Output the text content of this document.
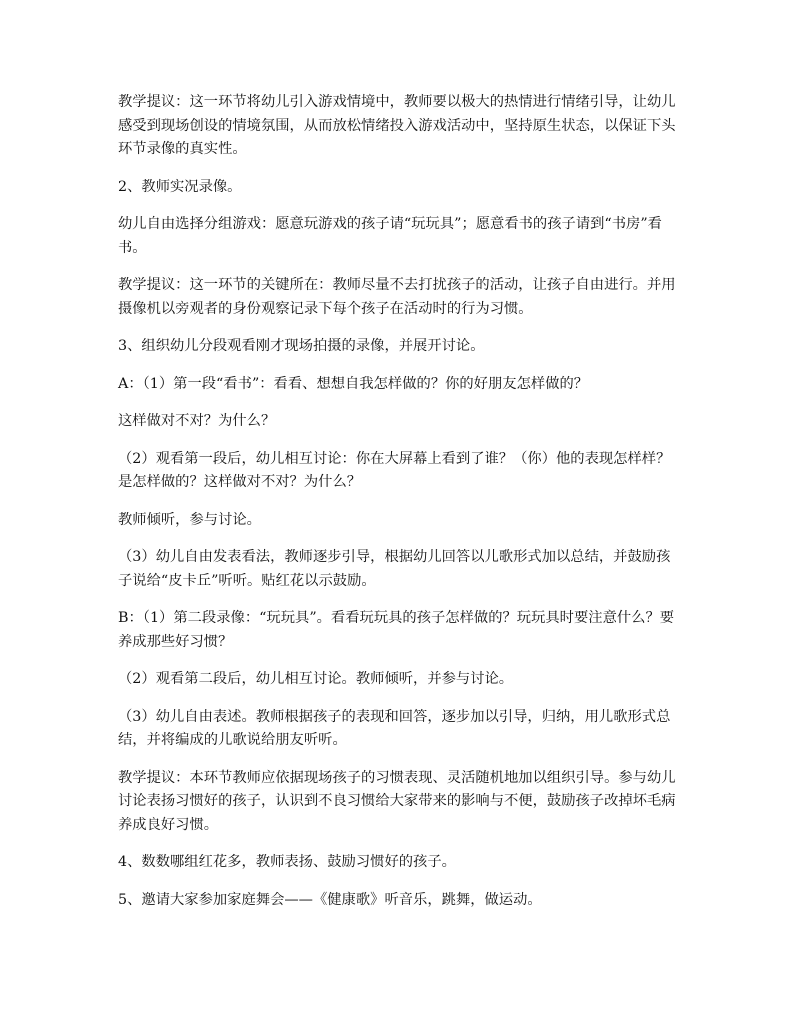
教学提议：这一环节将幼儿引入游戏情境中，教师要以极大的热情进行情绪引导，让幼儿感受到现场创设的情境氛围，从而放松情绪投入游戏活动中，坚持原生状态，以保证下头环节录像的真实性。

2、教师实况录像。

幼儿自由选择分组游戏：愿意玩游戏的孩子请“玩玩具”；愿意看书的孩子请到“书房”看书。

教学提议：这一环节的关键所在：教师尽量不去打扰孩子的活动，让孩子自由进行。并用摄像机以旁观者的身份观察记录下每个孩子在活动时的行为习惯。

3、组织幼儿分段观看刚才现场拍摄的录像，并展开讨论。

A：（1）第一段“看书”：看看、想想自我怎样做的？你的好朋友怎样做的？

这样做对不对？为什么？

（2）观看第一段后，幼儿相互讨论：你在大屏幕上看到了谁？（你）他的表现怎样样？是怎样做的？这样做对不对？为什么？

教师倾听，参与讨论。

（3）幼儿自由发表看法，教师逐步引导，根据幼儿回答以儿歌形式加以总结，并鼓励孩子说给“皮卡丘”听听。贴红花以示鼓励。

B：（1）第二段录像：“玩玩具”。看看玩玩具的孩子怎样做的？玩玩具时要注意什么？要养成那些好习惯？

（2）观看第二段后，幼儿相互讨论。教师倾听，并参与讨论。

（3）幼儿自由表述。教师根据孩子的表现和回答，逐步加以引导，归纳，用儿歌形式总结，并将编成的儿歌说给朋友听听。

教学提议：本环节教师应依据现场孩子的习惯表现、灵活随机地加以组织引导。参与幼儿讨论表扬习惯好的孩子，认识到不良习惯给大家带来的影响与不便，鼓励孩子改掉坏毛病养成良好习惯。

4、数数哪组红花多，教师表扬、鼓励习惯好的孩子。

5、邀请大家参加家庭舞会——《健康歌》听音乐，跳舞，做运动。
